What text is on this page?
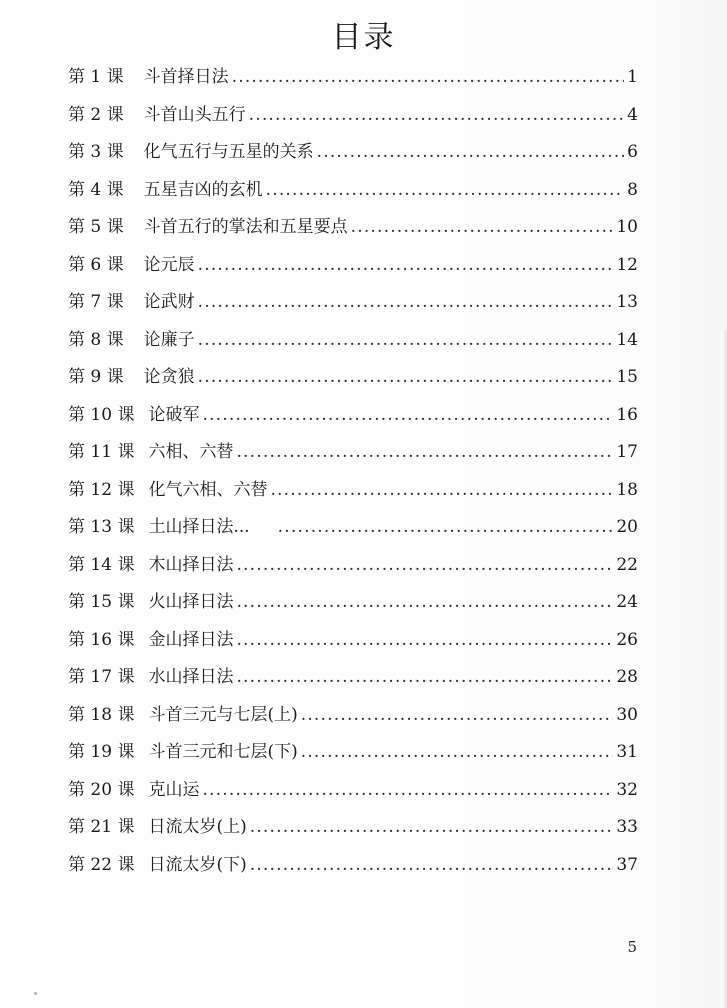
目录
第 1 课 斗首择日法 .....	1
第 2 课 斗首山头五行 .....	4
第 3 课 化气五行与五星的关系 .....	6
第 4 课 五星吉凶的玄机 .....	8
第 5 课 斗首五行的掌法和五星要点 .....	10
第 6 课 论元辰 .....	12
第 7 课 论武财 .....	13
第 8 课 论廉子 .....	14
第 9 课 论贪狼 .....	15
第 10 课 论破军 .....	16
第 11 课 六相、六替 .....	17
第 12 课 化气六相、六替 .....	18
第 13 课 土山择日法... .....	20
第 14 课 木山择日法 .....	22
第 15 课 火山择日法 .....	24
第 16 课 金山择日法 .....	26
第 17 课 水山择日法 .....	28
第 18 课 斗首三元与七层(上) .....	30
第 19 课 斗首三元和七层(下) .....	31
第 20 课 克山运 .....	32
第 21 课 日流太岁(上) .....	33
第 22 课 日流太岁(下) .....	37
5
